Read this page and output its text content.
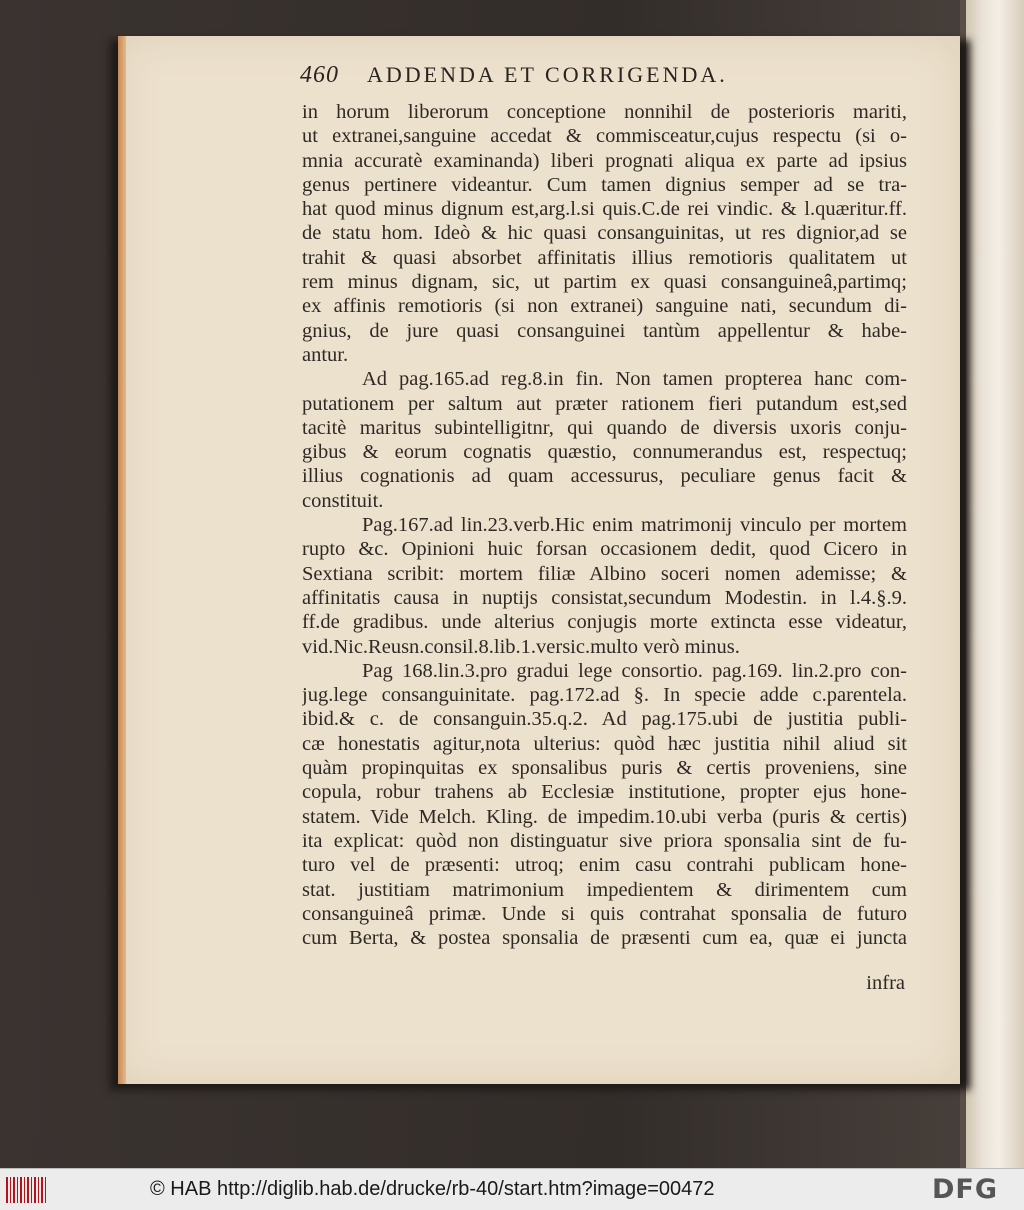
460 ADDENDA ET CORRIGENDA.
in horum liberorum conceptione nonnihil de posterioris mariti,
ut extranei,sanguine accedat & commisceatur,cujus respectu (si o-
mnia accuratè examinanda) liberi prognati aliqua ex parte ad ipsius
genus pertinere videantur. Cum tamen dignius semper ad se tra-
hat quod minus dignum est,arg.l.si quis.C.de rei vindic. & l.quæritur.ff.
de statu hom. Ideò & hic quasi consanguinitas, ut res dignior,ad se
trahit & quasi absorbet affinitatis illius remotioris qualitatem ut
rem minus dignam, sic, ut partim ex quasi consanguineâ,partimq;
ex affinis remotioris (si non extranei) sanguine nati, secundum di-
gnius, de jure quasi consanguinei tantùm appellentur & habe-
antur.
Ad pag.165.ad reg.8.in fin. Non tamen propterea hanc com-
putationem per saltum aut præter rationem fieri putandum est,sed
tacitè maritus subintelligitnr, qui quando de diversis uxoris conju-
gibus & eorum cognatis quæstio, connumerandus est, respectuq;
illius cognationis ad quam accessurus, peculiare genus facit &
constituit.
Pag.167.ad lin.23.verb.Hic enim matrimonij vinculo per mortem
rupto &c. Opinioni huic forsan occasionem dedit, quod Cicero in
Sextiana scribit: mortem filiæ Albino soceri nomen ademisse; &
affinitatis causa in nuptijs consistat,secundum Modestin. in l.4.§.9.
ff.de gradibus. unde alterius conjugis morte extincta esse videatur,
vid.Nic.Reusn.consil.8.lib.1.versic.multo verò minus.
Pag 168.lin.3.pro gradui lege consortio. pag.169. lin.2.pro con-
jug.lege consanguinitate. pag.172.ad §. In specie adde c.parentela.
ibid.& c. de consanguin.35.q.2. Ad pag.175.ubi de justitia publi-
cæ honestatis agitur,nota ulterius: quòd hæc justitia nihil aliud sit
quàm propinquitas ex sponsalibus puris & certis proveniens, sine
copula, robur trahens ab Ecclesiæ institutione, propter ejus hone-
statem. Vide Melch. Kling. de impedim.10.ubi verba (puris & certis)
ita explicat: quòd non distinguatur sive priora sponsalia sint de fu-
turo vel de præsenti: utroq; enim casu contrahi publicam hone-
stat. justitiam matrimonium impedientem & dirimentem cum
consanguineâ primæ. Unde si quis contrahat sponsalia de futuro
cum Berta, & postea sponsalia de præsenti cum ea, quæ ei juncta
infra
© HAB http://diglib.hab.de/drucke/rb-40/start.htm?image=00472	DFG
